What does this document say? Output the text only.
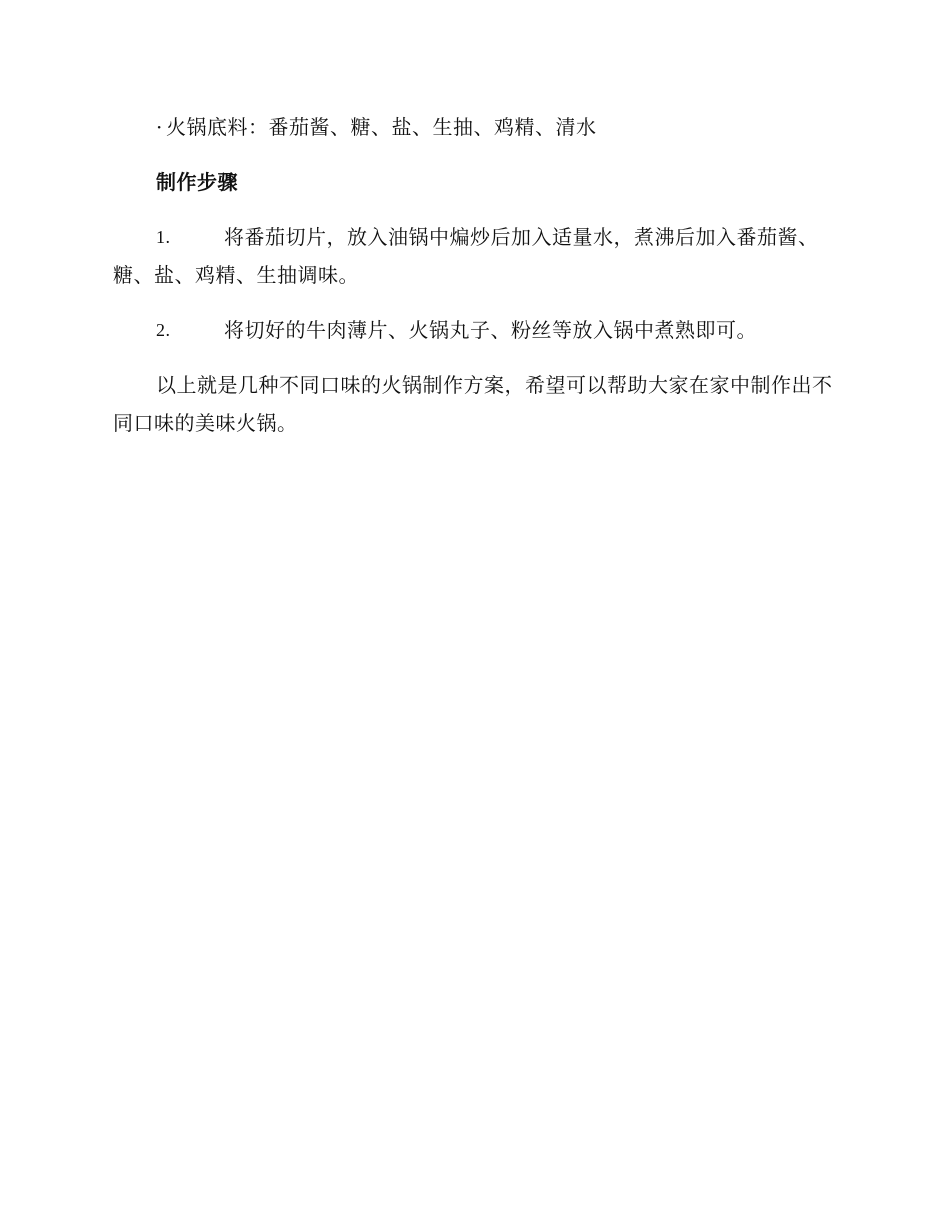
· 火锅底料：番茄酱、糖、盐、生抽、鸡精、清水
制作步骤
1.	将番茄切片，放入油锅中煸炒后加入适量水，煮沸后加入番茄酱、糖、盐、鸡精、生抽调味。
2.	将切好的牛肉薄片、火锅丸子、粉丝等放入锅中煮熟即可。
以上就是几种不同口味的火锅制作方案，希望可以帮助大家在家中制作出不同口味的美味火锅。
